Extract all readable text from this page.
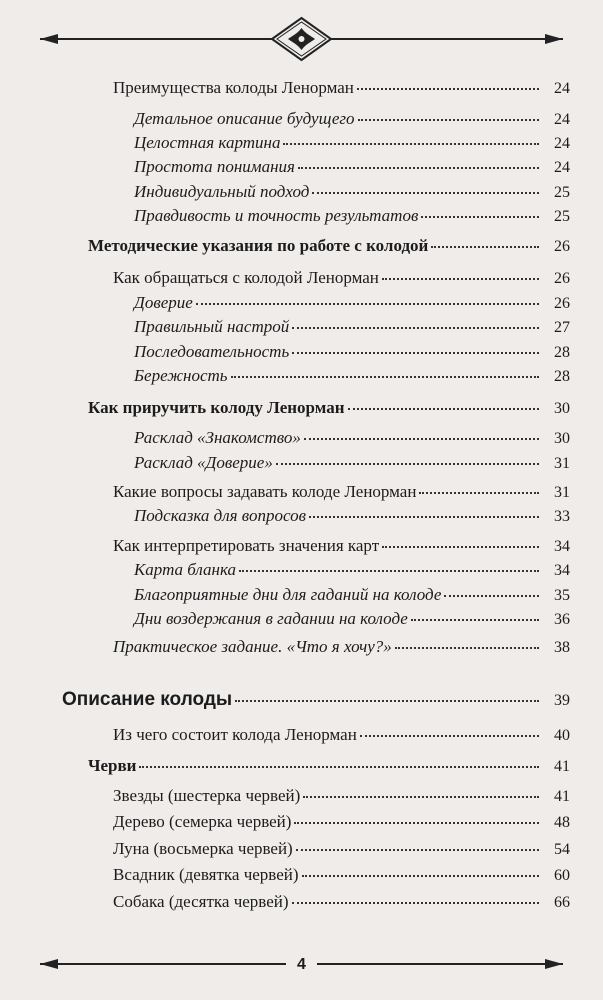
Преимущества колоды Ленорман	24
Детальное описание будущего	24
Целостная картина	24
Простота понимания	24
Индивидуальный подход	25
Правдивость и точность результатов	25
Методические указания по работе с колодой	26
Как обращаться с колодой Ленорман	26
Доверие	26
Правильный настрой	27
Последовательность	28
Бережность	28
Как приручить колоду Ленорман	30
Расклад «Знакомство»	30
Расклад «Доверие»	31
Какие вопросы задавать колоде Ленорман	31
Подсказка для вопросов	33
Как интерпретировать значения карт	34
Карта бланка	34
Благоприятные дни для гаданий на колоде	35
Дни воздержания в гадании на колоде	36
Практическое задание. «Что я хочу?»	38
Описание колоды	39
Из чего состоит колода Ленорман	40
Черви	41
Звезды (шестерка червей)	41
Дерево (семерка червей)	48
Луна (восьмерка червей)	54
Всадник (девятка червей)	60
Собака (десятка червей)	66
4
